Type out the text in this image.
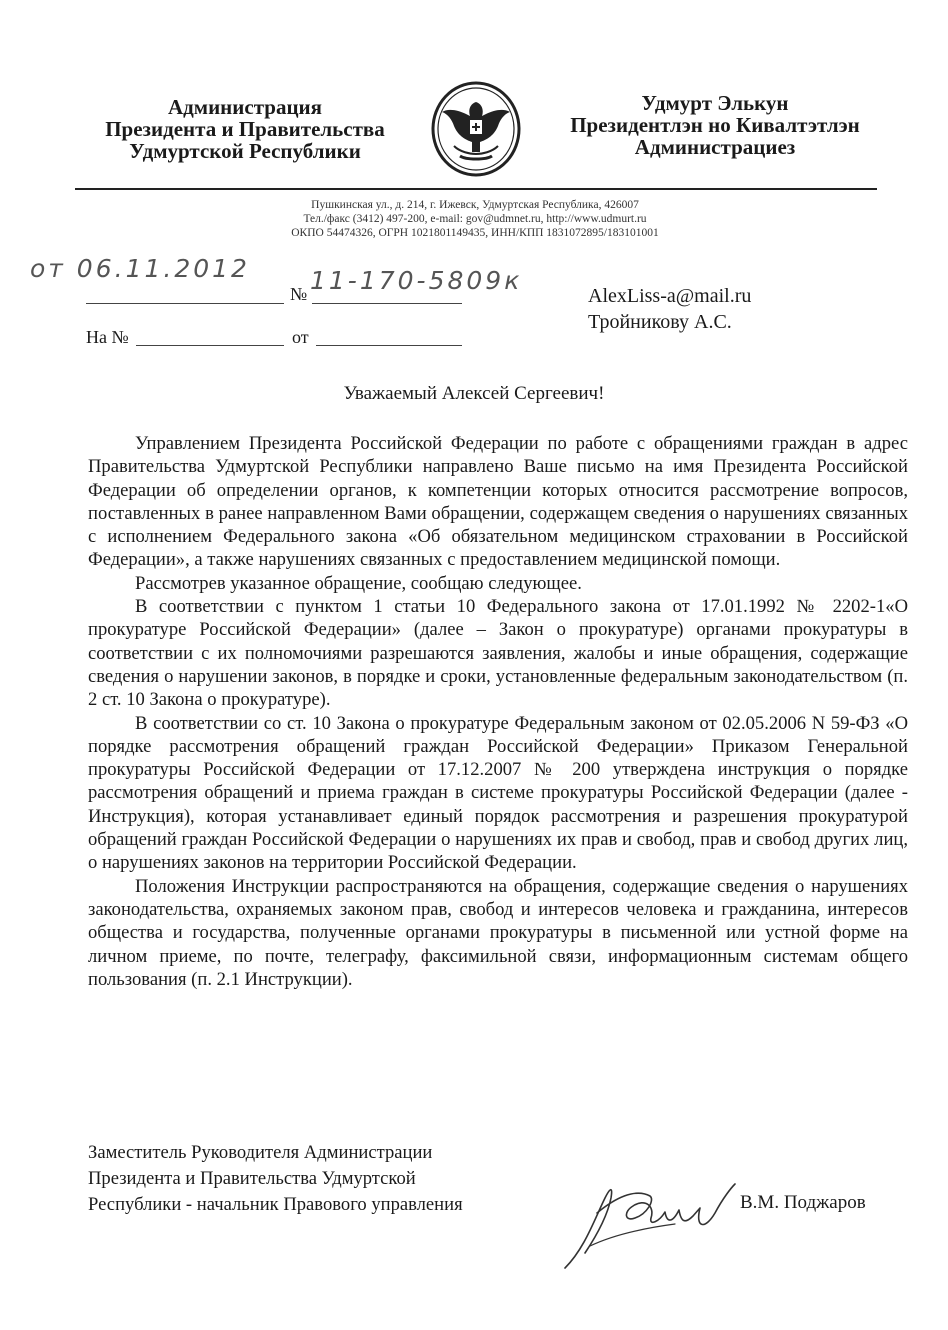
Администрация
Президента и Правительства
Удмуртской Республики
Удмурт Элькун
Президентлэн но Кивалтэтлэн
Администрациез
Пушкинская ул., д. 214, г. Ижевск, Удмуртская Республика, 426007
Тел./факс (3412) 497-200, e-mail: gov@udmnet.ru, http://www.udmurt.ru
ОКПО 54474326, ОГРН 1021801149435, ИНН/КПП 1831072895/183101001
от 06.11.2012
№ 11-170-5809к
На №	от
AlexLiss-a@mail.ru
Тройникову А.С.
Уважаемый Алексей Сергеевич!

Управлением Президента Российской Федерации по работе с обращениями граждан в адрес Правительства Удмуртской Республики направлено Ваше письмо на имя Президента Российской Федерации об определении органов, к компетенции которых относится рассмотрение вопросов, поставленных в ранее направленном Вами обращении, содержащем сведения о нарушениях связанных с исполнением Федерального закона «Об обязательном медицинском страховании в Российской Федерации», а также нарушениях связанных с предоставлением медицинской помощи.

Рассмотрев указанное обращение, сообщаю следующее.

В соответствии с пунктом 1 статьи 10 Федерального закона от 17.01.1992 № 2202-1«О прокуратуре Российской Федерации» (далее – Закон о прокуратуре) органами прокуратуры в соответствии с их полномочиями разрешаются заявления, жалобы и иные обращения, содержащие сведения о нарушении законов, в порядке и сроки, установленные федеральным законодательством (п. 2 ст. 10 Закона о прокуратуре).

В соответствии со ст. 10 Закона о прокуратуре Федеральным законом от 02.05.2006 N 59-ФЗ «О порядке рассмотрения обращений граждан Российской Федерации» Приказом Генеральной прокуратуры Российской Федерации от 17.12.2007 № 200 утверждена инструкция о порядке рассмотрения обращений и приема граждан в системе прокуратуры Российской Федерации (далее - Инструкция), которая устанавливает единый порядок рассмотрения и разрешения прокуратурой обращений граждан Российской Федерации о нарушениях их прав и свобод, прав и свобод других лиц, о нарушениях законов на территории Российской Федерации.

Положения Инструкции распространяются на обращения, содержащие сведения о нарушениях законодательства, охраняемых законом прав, свобод и интересов человека и гражданина, интересов общества и государства, полученные органами прокуратуры в письменной или устной форме на личном приеме, по почте, телеграфу, факсимильной связи, информационным системам общего пользования (п. 2.1 Инструкции).

Заместитель Руководителя Администрации
Президента и Правительства Удмуртской
Республики - начальник Правового управления	В.М. Поджаров
